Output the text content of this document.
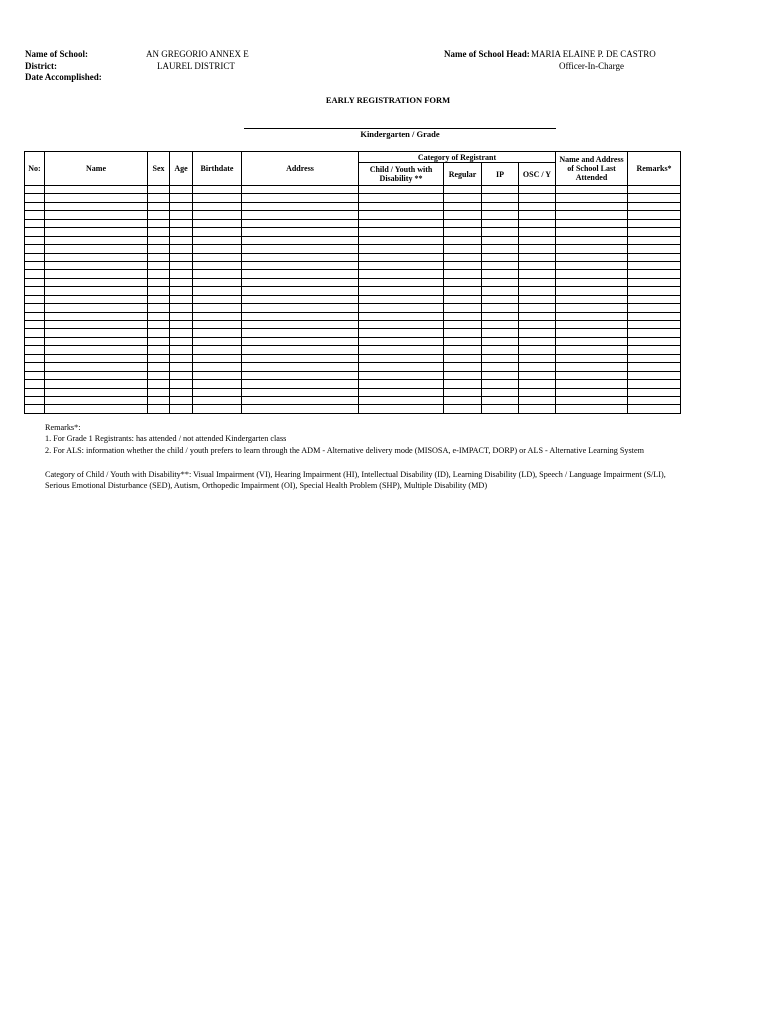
Name of School:	AN GREGORIO ANNEX E
District:	LAUREL DISTRICT
Date Accomplished:
Name of School Head: MARIA ELAINE P. DE CASTRO
Officer-In-Charge
EARLY REGISTRATION FORM
Kindergarten / Grade
No:	Name	Sex	Age	Birthdate	Address	Category of Registrant				Name and Address of School Last Attended	Remarks*
						Child / Youth with Disability **	Regular	IP	OSC / Y		

Remarks*:
1. For Grade 1 Registrants: has attended / not attended Kindergarten class
2. For ALS: information whether the child / youth prefers to learn through the ADM - Alternative delivery mode (MISOSA, e-IMPACT, DORP) or ALS - Alternative Learning System
Category of Child / Youth with Disability**: Visual Impairment (VI), Hearing Impairment (HI), Intellectual Disability (ID), Learning Disability (LD), Speech / Language Impairment (S/LI),
Serious Emotional Disturbance (SED), Autism, Orthopedic Impairment (OI), Special Health Problem (SHP), Multiple Disability (MD)
